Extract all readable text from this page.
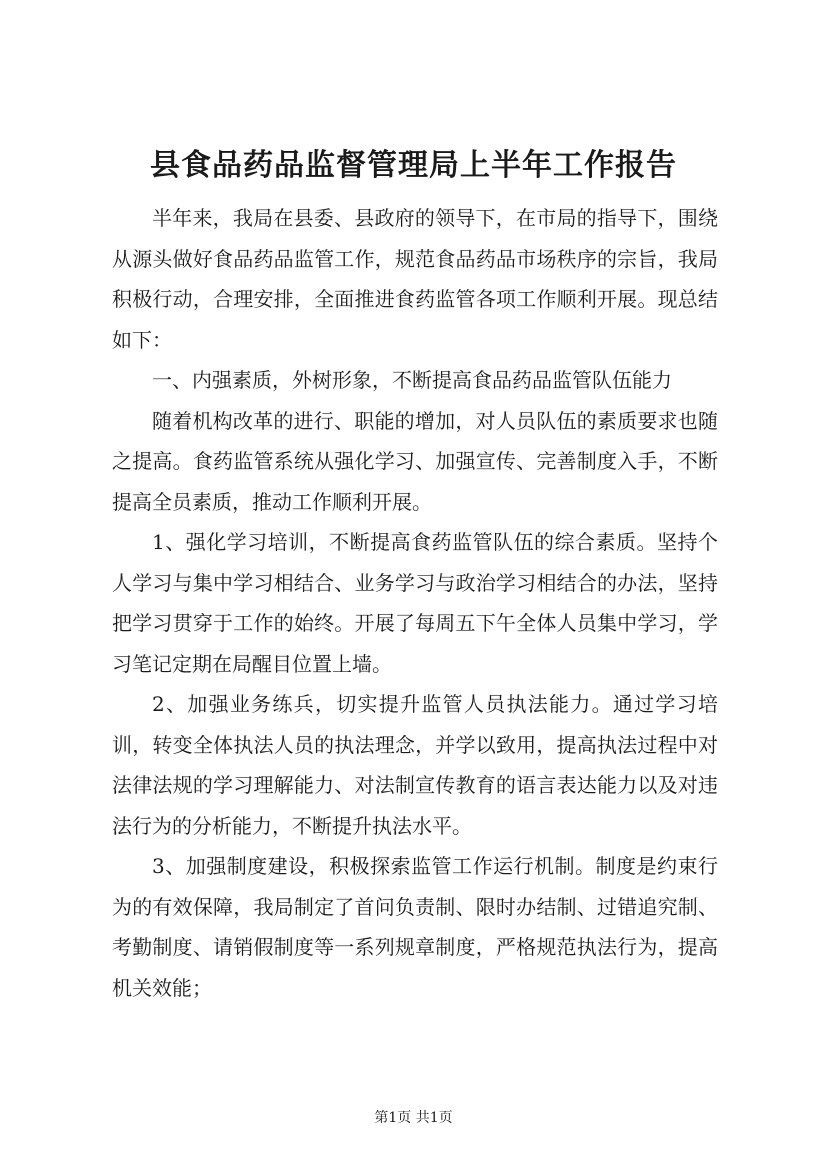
县食品药品监督管理局上半年工作报告

半年来，我局在县委、县政府的领导下，在市局的指导下，围绕从源头做好食品药品监管工作，规范食品药品市场秩序的宗旨，我局积极行动，合理安排，全面推进食药监管各项工作顺利开展。现总结如下：

一、内强素质，外树形象，不断提高食品药品监管队伍能力

随着机构改革的进行、职能的增加，对人员队伍的素质要求也随之提高。食药监管系统从强化学习、加强宣传、完善制度入手，不断提高全员素质，推动工作顺利开展。

1、强化学习培训，不断提高食药监管队伍的综合素质。坚持个人学习与集中学习相结合、业务学习与政治学习相结合的办法，坚持把学习贯穿于工作的始终。开展了每周五下午全体人员集中学习，学习笔记定期在局醒目位置上墙。

2、加强业务练兵，切实提升监管人员执法能力。通过学习培训，转变全体执法人员的执法理念，并学以致用，提高执法过程中对法律法规的学习理解能力、对法制宣传教育的语言表达能力以及对违法行为的分析能力，不断提升执法水平。

3、加强制度建设，积极探索监管工作运行机制。制度是约束行为的有效保障，我局制定了首问负责制、限时办结制、过错追究制、考勤制度、请销假制度等一系列规章制度，严格规范执法行为，提高机关效能；

第1页 共1页
